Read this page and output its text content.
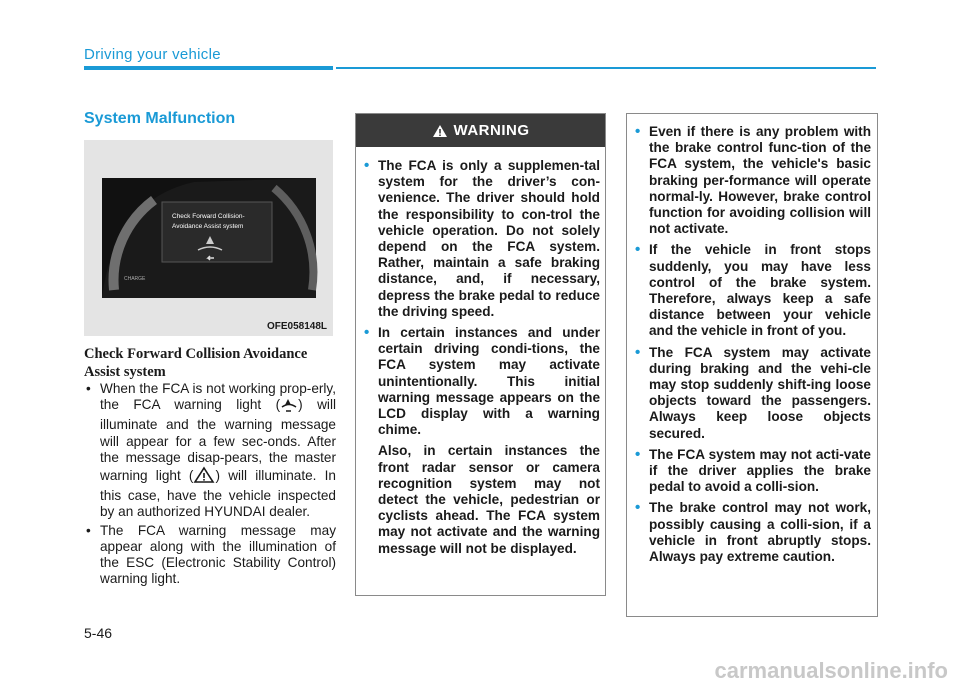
Driving your vehicle
System Malfunction
Check Forward Collision-
Avoidance Assist system
CHARGE
OFE058148L
Check Forward Collision Avoidance Assist system
• When the FCA is not working prop-erly, the FCA warning light ( ) will illuminate and the warning message will appear for a few sec-onds. After the message disap-pears, the master warning light ( ) will illuminate. In this case, have the vehicle inspected by an authorized HYUNDAI dealer.
• The FCA warning message may appear along with the illumination of the ESC (Electronic Stability Control) warning light.
WARNING
• The FCA is only a supplemen-tal system for the driver’s con-venience. The driver should hold the responsibility to con-trol the vehicle operation. Do not solely depend on the FCA system. Rather, maintain a safe braking distance, and, if necessary, depress the brake pedal to reduce the driving speed.
• In certain instances and under certain driving condi-tions, the FCA system may activate unintentionally. This initial warning message appears on the LCD display with a warning chime.

Also, in certain instances the front radar sensor or camera recognition system may not detect the vehicle, pedestrian or cyclists ahead. The FCA system may not activate and the warning message will not be displayed.

• Even if there is any problem with the brake control func-tion of the FCA system, the vehicle's basic braking per-formance will operate normal-ly. However, brake control function for avoiding collision will not activate.
• If the vehicle in front stops suddenly, you may have less control of the brake system. Therefore, always keep a safe distance between your vehicle and the vehicle in front of you.
• The FCA system may activate during braking and the vehi-cle may stop suddenly shift-ing loose objects toward the passengers. Always keep loose objects secured.
• The FCA system may not acti-vate if the driver applies the brake pedal to avoid a colli-sion.
• The brake control may not work, possibly causing a colli-sion, if a vehicle in front abruptly stops. Always pay extreme caution.
5-46
carmanualsonline.info
